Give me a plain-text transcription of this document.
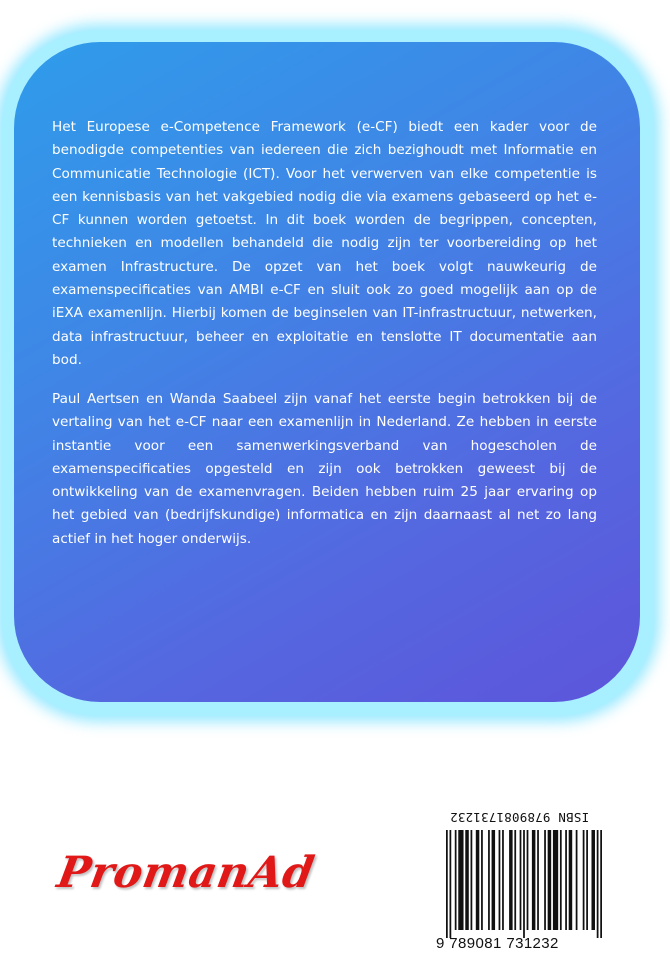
Het Europese e-Competence Framework (e-CF) biedt een kader voor de benodigde competenties van iedereen die zich bezighoudt met Informatie en Communicatie Technologie (ICT). Voor het verwerven van elke competentie is een kennisbasis van het vakgebied nodig die via examens gebaseerd op het e-CF kunnen worden getoetst. In dit boek worden de begrippen, concepten, technieken en modellen behandeld die nodig zijn ter voorbereiding op het examen Infrastructure. De opzet van het boek volgt nauwkeurig de examenspecificaties van AMBI e-CF en sluit ook zo goed mogelijk aan op de iEXA examenlijn. Hierbij komen de beginselen van IT-infrastructuur, netwerken, data infrastructuur, beheer en exploitatie en tenslotte IT documentatie aan bod.

Paul Aertsen en Wanda Saabeel zijn vanaf het eerste begin betrokken bij de vertaling van het e-CF naar een examenlijn in Nederland. Ze hebben in eerste instantie voor een samenwerkingsverband van hogescholen de examenspecificaties opgesteld en zijn ook betrokken geweest bij de ontwikkeling van de examenvragen. Beiden hebben ruim 25 jaar ervaring op het gebied van (bedrijfskundige) informatica en zijn daarnaast al net zo lang actief in het hoger onderwijs.

PromanAd
ISBN 9789081731232
9 789081 731232
